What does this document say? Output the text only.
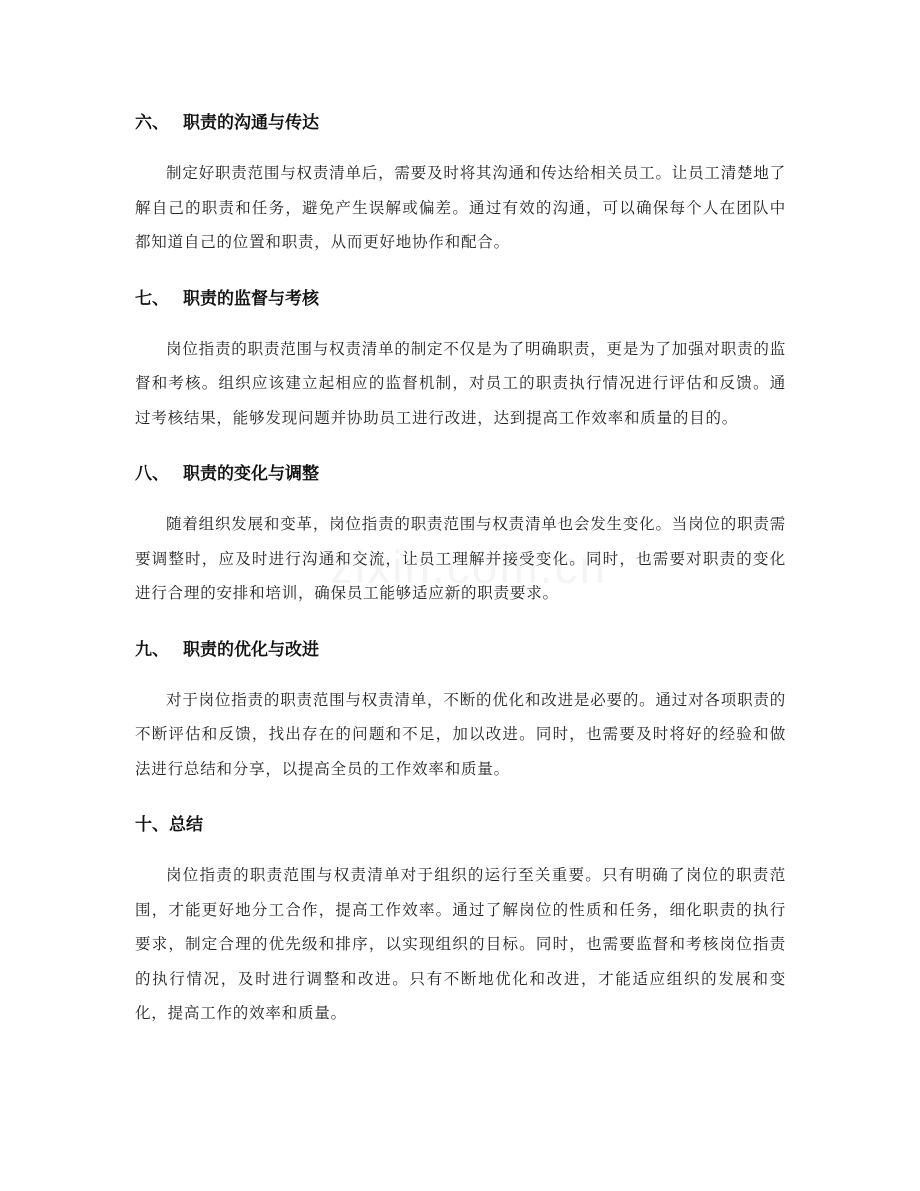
六、 职责的沟通与传达

制定好职责范围与权责清单后，需要及时将其沟通和传达给相关员工。让员工清楚地了解自己的职责和任务，避免产生误解或偏差。通过有效的沟通，可以确保每个人在团队中都知道自己的位置和职责，从而更好地协作和配合。

七、 职责的监督与考核

岗位指责的职责范围与权责清单的制定不仅是为了明确职责，更是为了加强对职责的监督和考核。组织应该建立起相应的监督机制，对员工的职责执行情况进行评估和反馈。通过考核结果，能够发现问题并协助员工进行改进，达到提高工作效率和质量的目的。

八、 职责的变化与调整

随着组织发展和变革，岗位指责的职责范围与权责清单也会发生变化。当岗位的职责需要调整时，应及时进行沟通和交流，让员工理解并接受变化。同时，也需要对职责的变化进行合理的安排和培训，确保员工能够适应新的职责要求。

九、 职责的优化与改进

对于岗位指责的职责范围与权责清单，不断的优化和改进是必要的。通过对各项职责的不断评估和反馈，找出存在的问题和不足，加以改进。同时，也需要及时将好的经验和做法进行总结和分享，以提高全员的工作效率和质量。

十、总结

岗位指责的职责范围与权责清单对于组织的运行至关重要。只有明确了岗位的职责范围，才能更好地分工合作，提高工作效率。通过了解岗位的性质和任务，细化职责的执行要求，制定合理的优先级和排序，以实现组织的目标。同时，也需要监督和考核岗位指责的执行情况，及时进行调整和改进。只有不断地优化和改进，才能适应组织的发展和变化，提高工作的效率和质量。
